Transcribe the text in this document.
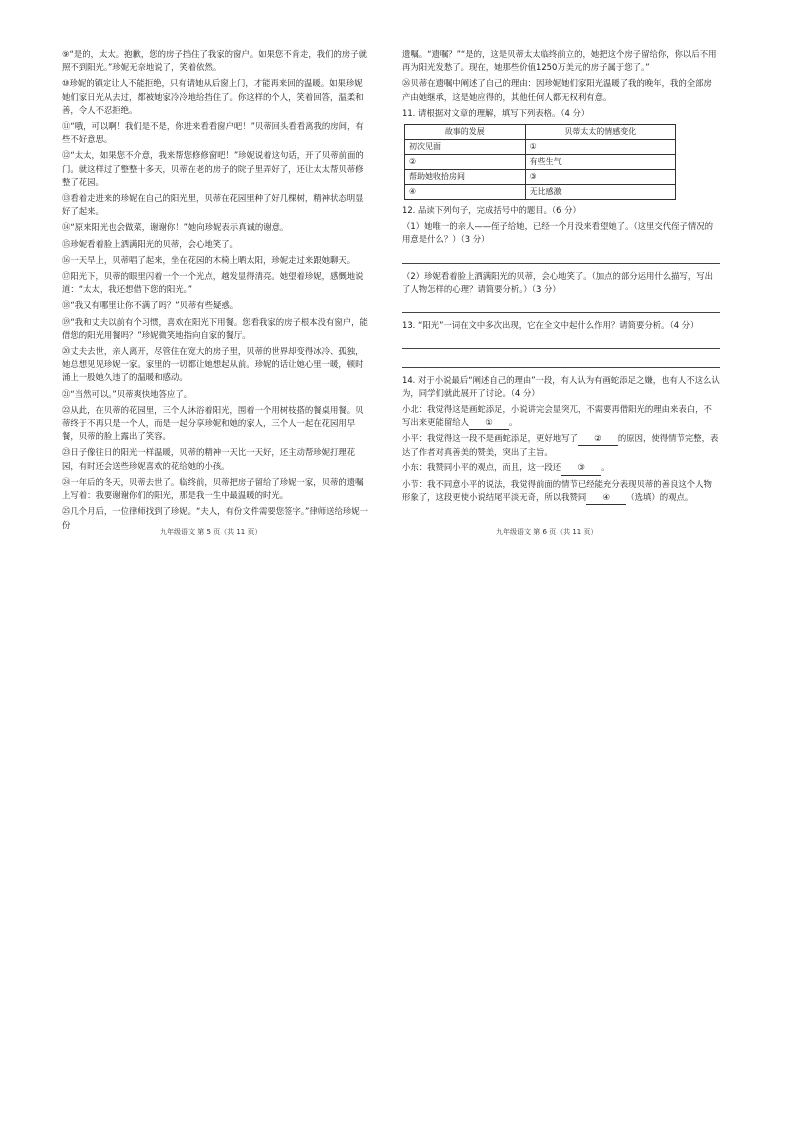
⑨“是的，太太。抱歉，您的房子挡住了我家的窗户。如果您不肯走，我们的房子就照不到阳光。”珍妮无奈地说了，笑着依然。

⑩珍妮的镇定让人不能拒绝，只有请她从后窗上门，才能再来回的温暖。如果珍妮她们家日光从去过，都被她家冷冷地给挡住了。你这样的个人，笑着回答，温柔和善，令人不忍拒绝。

⑪“哦，可以啊！我们是不是，你进来看看窗户吧！”贝蒂回头看看离我的房间，有些不好意思。

⑫“太太，如果您不介意，我来帮您修修窗吧！”珍妮说着这句话，开了贝蒂前面的门。就这样过了整整十多天，贝蒂在老的房子的院子里弄好了，还让太太帮贝蒂修整了花园。

⑬看着走进来的珍妮在自己的阳光里，贝蒂在花园里种了好几棵树，精神状态明显好了起来。

⑭“原来阳光也会做菜，谢谢你！”她向珍妮表示真诚的谢意。

⑮珍妮看着脸上洒满阳光的贝蒂，会心地笑了。

⑯一天早上，贝蒂唱了起来，坐在花园的木椅上晒太阳，珍妮走过来跟她聊天。

⑰阳光下，贝蒂的眼里闪着一个一个光点，越发显得清亮。她望着珍妮，感慨地说道：“太太，我还想借下您的阳光。”

⑱“我又有哪里让你不满了吗？”贝蒂有些疑惑。

⑲“我和丈夫以前有个习惯，喜欢在阳光下用餐。您看我家的房子根本没有窗户，能借您的阳光用餐吗？”珍妮微笑地指向自家的餐厅。

⑳丈夫去世，亲人离开，尽管住在宽大的房子里，贝蒂的世界却变得冰冷、孤独，她总想见见珍妮一家。家里的一切都让她想起从前。珍妮的话让她心里一暖，顿时涌上一股她久违了的温暖和感动。

㉑“当然可以。”贝蒂爽快地答应了。

㉒从此，在贝蒂的花园里，三个人沐浴着阳光，围着一个用树枝搭的餐桌用餐。贝蒂终于不再只是一个人，而是一起分享珍妮和她的家人，三个人一起在花园用早餐，贝蒂的脸上露出了笑容。

㉓日子像往日的阳光一样温暖，贝蒂的精神一天比一天好，还主动帮珍妮打理花园，有时还会送些珍妮喜欢的花给她的小孩。

㉔一年后的冬天，贝蒂去世了。临终前，贝蒂把房子留给了珍妮一家，贝蒂的遗嘱上写着：我要谢谢你们的阳光，那是我一生中最温暖的时光。

㉕几个月后，一位律师找到了珍妮。“夫人，有份文件需要您签字。”律师送给珍妮一份

遗嘱。“遗嘱？”“是的，这是贝蒂太太临终前立的，她把这个房子留给你，你以后不用再为阳光发愁了。现在，她那些价值1250万美元的房子属于您了。”

㉖贝蒂在遗嘱中阐述了自己的理由：因珍妮她们家阳光温暖了我的晚年，我的全部房产由她继承，这是她应得的，其他任何人都无权利有意。

11. 请根据对文章的理解，填写下列表格。（4 分）

故事的发展	贝蒂太太的情感变化
初次见面	①
②	有些生气
帮助她收拾房间	③
④	无比感激

12. 品读下列句子，完成括号中的题目。（6 分）

（1）她唯一的亲人——侄子给她，已经一个月没来看望她了。（这里交代侄子情况的用意是什么？）（3 分）

（2）珍妮看着脸上洒满阳光的贝蒂，会心地笑了。（加点的部分运用什么描写，写出了人物怎样的心理？请简要分析。）（3 分）

13. “阳光”一词在文中多次出现，它在全文中起什么作用？请简要分析。（4 分）

14. 对于小说最后“阐述自己的理由”一段，有人认为有画蛇添足之嫌，也有人不这么认为，同学们就此展开了讨论。（4 分）

小北：我觉得这是画蛇添足，小说讲完会显突兀，不需要再借阳光的理由来表白，不写出来更能留给人 ① 。

小平：我觉得这一段不是画蛇添足，更好地写了 ② 的原因，使得情节完整，表达了作者对真善美的赞美，突出了主旨。

小东：我赞同小平的观点，而且，这一段还 ③ 。

小节：我不同意小平的说法，我觉得前面的情节已经能充分表现贝蒂的善良这个人物形象了，这段更使小说结尾平淡无奇，所以我赞同 ④ （选填）的观点。

九年级语文 第 5 页（共 11 页）	九年级语文 第 6 页（共 11 页）
